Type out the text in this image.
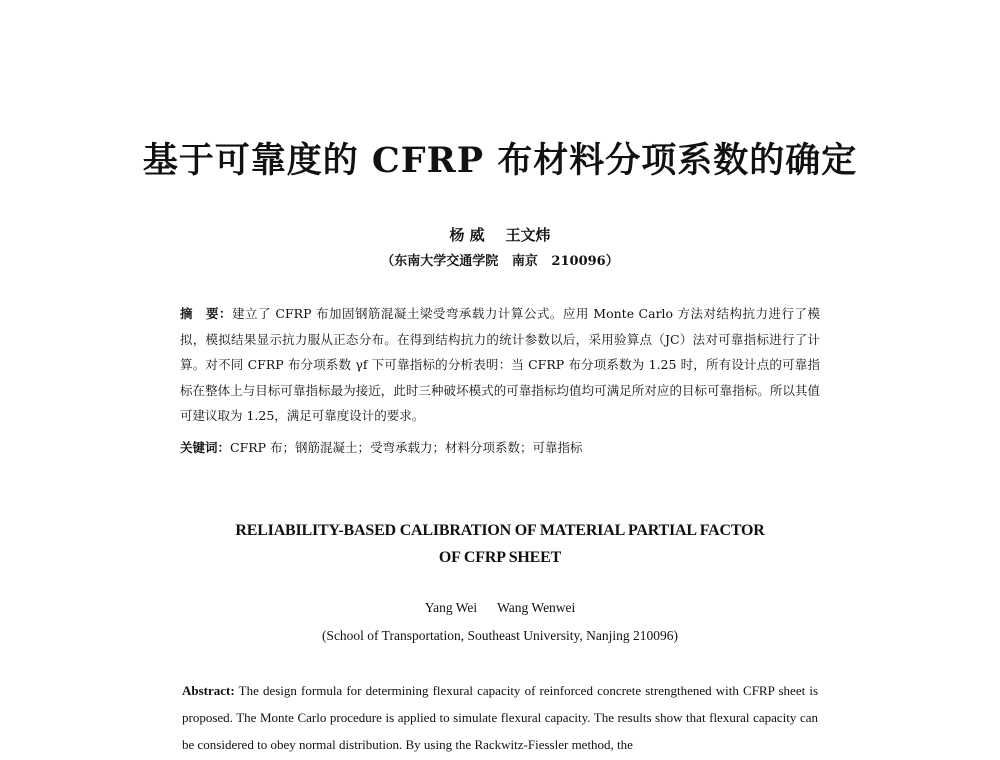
基于可靠度的 CFRP 布材料分项系数的确定
杨 威    王文炜
（东南大学交通学院   南京   210096）
摘　要：建立了 CFRP 布加固钢筋混凝土梁受弯承载力计算公式。应用 Monte Carlo 方法对结构抗力进行了模拟，模拟结果显示抗力服从正态分布。在得到结构抗力的统计参数以后，采用验算点（JC）法对可靠指标进行了计算。对不同 CFRP 布分项系数 γf 下可靠指标的分析表明：当 CFRP 布分项系数为 1.25 时，所有设计点的可靠指标在整体上与目标可靠指标最为接近，此时三种破坏模式的可靠指标均值均可满足所对应的目标可靠指标。所以其值可建议取为 1.25，满足可靠度设计的要求。
关键词：CFRP 布；钢筋混凝土；受弯承载力；材料分项系数；可靠指标
RELIABILITY-BASED CALIBRATION OF MATERIAL PARTIAL FACTOR
OF CFRP SHEET
Yang Wei      Wang Wenwei
(School of Transportation, Southeast University, Nanjing 210096)
Abstract: The design formula for determining flexural capacity of reinforced concrete strengthened with CFRP sheet is proposed. The Monte Carlo procedure is applied to simulate flexural capacity. The results show that flexural capacity can be considered to obey normal distribution. By using the Rackwitz-Fiessler method, the
